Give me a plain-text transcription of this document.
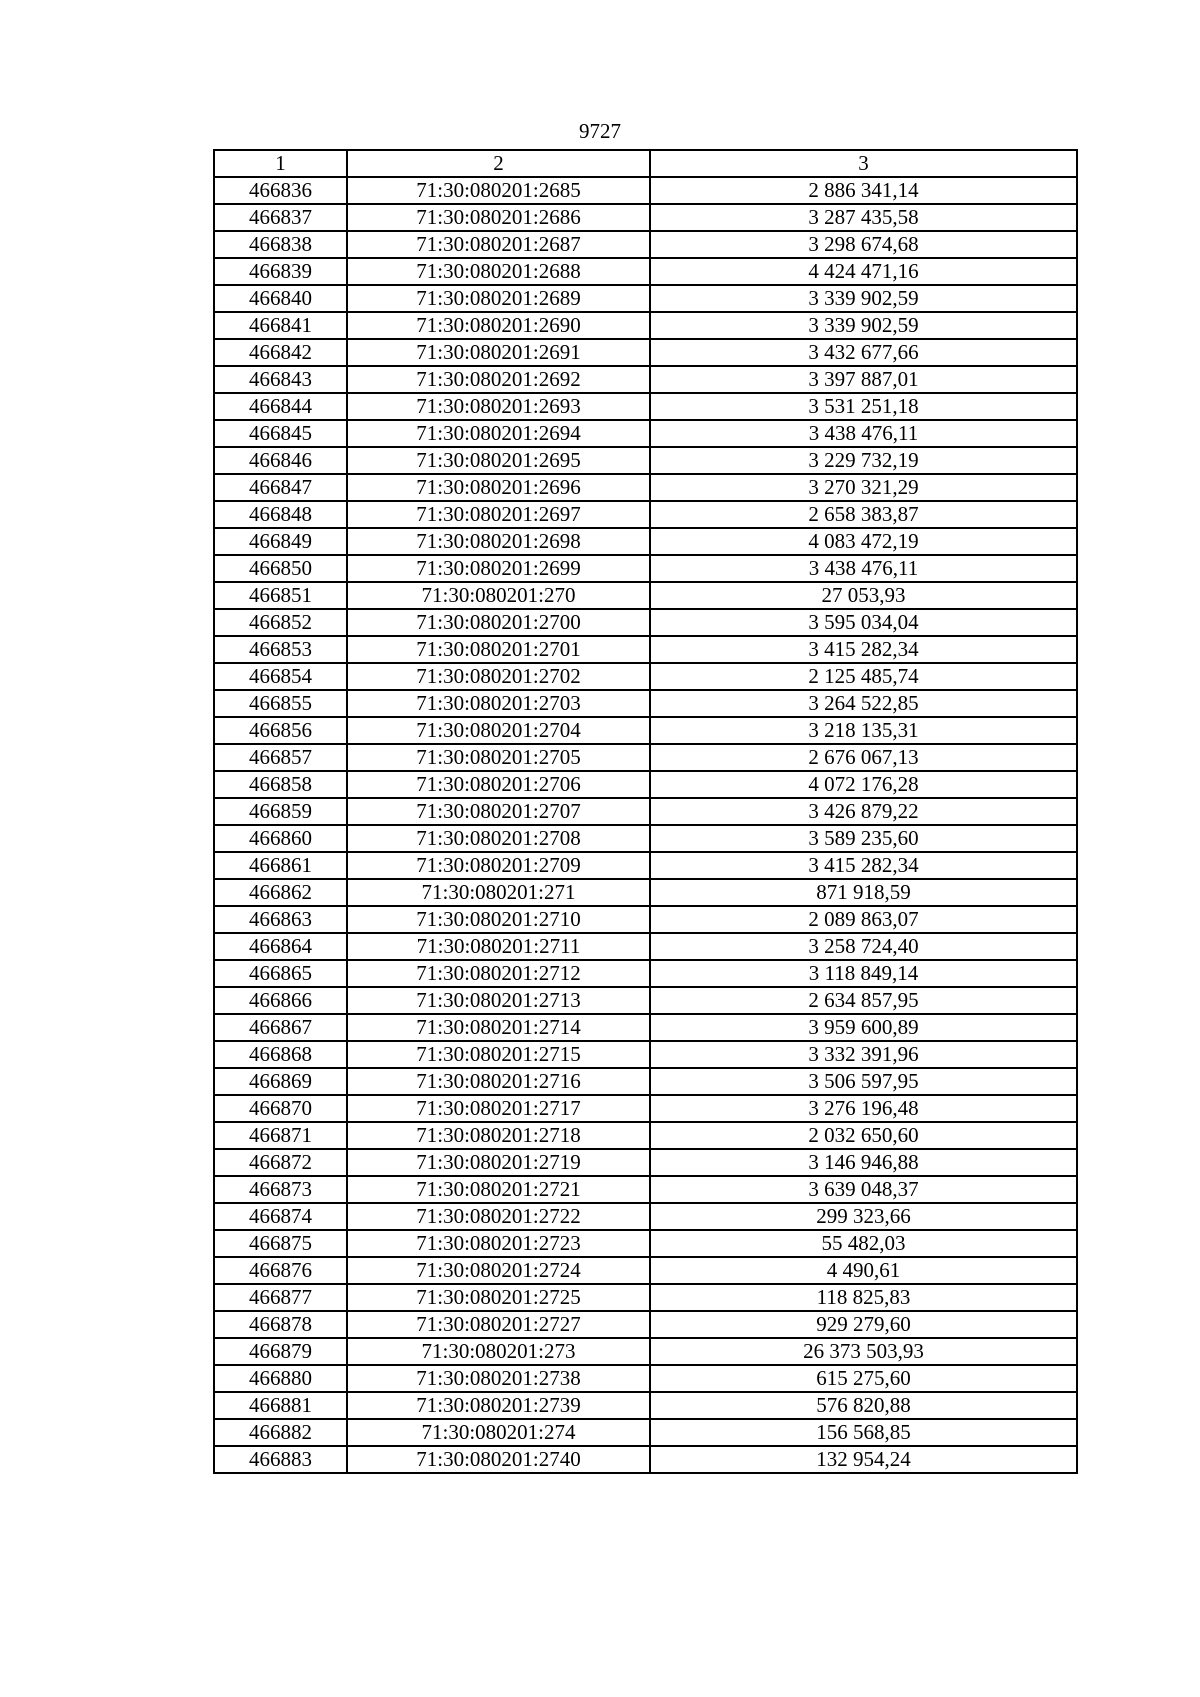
9727
1	2	3
466836	71:30:080201:2685	2 886 341,14
466837	71:30:080201:2686	3 287 435,58
466838	71:30:080201:2687	3 298 674,68
466839	71:30:080201:2688	4 424 471,16
466840	71:30:080201:2689	3 339 902,59
466841	71:30:080201:2690	3 339 902,59
466842	71:30:080201:2691	3 432 677,66
466843	71:30:080201:2692	3 397 887,01
466844	71:30:080201:2693	3 531 251,18
466845	71:30:080201:2694	3 438 476,11
466846	71:30:080201:2695	3 229 732,19
466847	71:30:080201:2696	3 270 321,29
466848	71:30:080201:2697	2 658 383,87
466849	71:30:080201:2698	4 083 472,19
466850	71:30:080201:2699	3 438 476,11
466851	71:30:080201:270	27 053,93
466852	71:30:080201:2700	3 595 034,04
466853	71:30:080201:2701	3 415 282,34
466854	71:30:080201:2702	2 125 485,74
466855	71:30:080201:2703	3 264 522,85
466856	71:30:080201:2704	3 218 135,31
466857	71:30:080201:2705	2 676 067,13
466858	71:30:080201:2706	4 072 176,28
466859	71:30:080201:2707	3 426 879,22
466860	71:30:080201:2708	3 589 235,60
466861	71:30:080201:2709	3 415 282,34
466862	71:30:080201:271	871 918,59
466863	71:30:080201:2710	2 089 863,07
466864	71:30:080201:2711	3 258 724,40
466865	71:30:080201:2712	3 118 849,14
466866	71:30:080201:2713	2 634 857,95
466867	71:30:080201:2714	3 959 600,89
466868	71:30:080201:2715	3 332 391,96
466869	71:30:080201:2716	3 506 597,95
466870	71:30:080201:2717	3 276 196,48
466871	71:30:080201:2718	2 032 650,60
466872	71:30:080201:2719	3 146 946,88
466873	71:30:080201:2721	3 639 048,37
466874	71:30:080201:2722	299 323,66
466875	71:30:080201:2723	55 482,03
466876	71:30:080201:2724	4 490,61
466877	71:30:080201:2725	118 825,83
466878	71:30:080201:2727	929 279,60
466879	71:30:080201:273	26 373 503,93
466880	71:30:080201:2738	615 275,60
466881	71:30:080201:2739	576 820,88
466882	71:30:080201:274	156 568,85
466883	71:30:080201:2740	132 954,24
